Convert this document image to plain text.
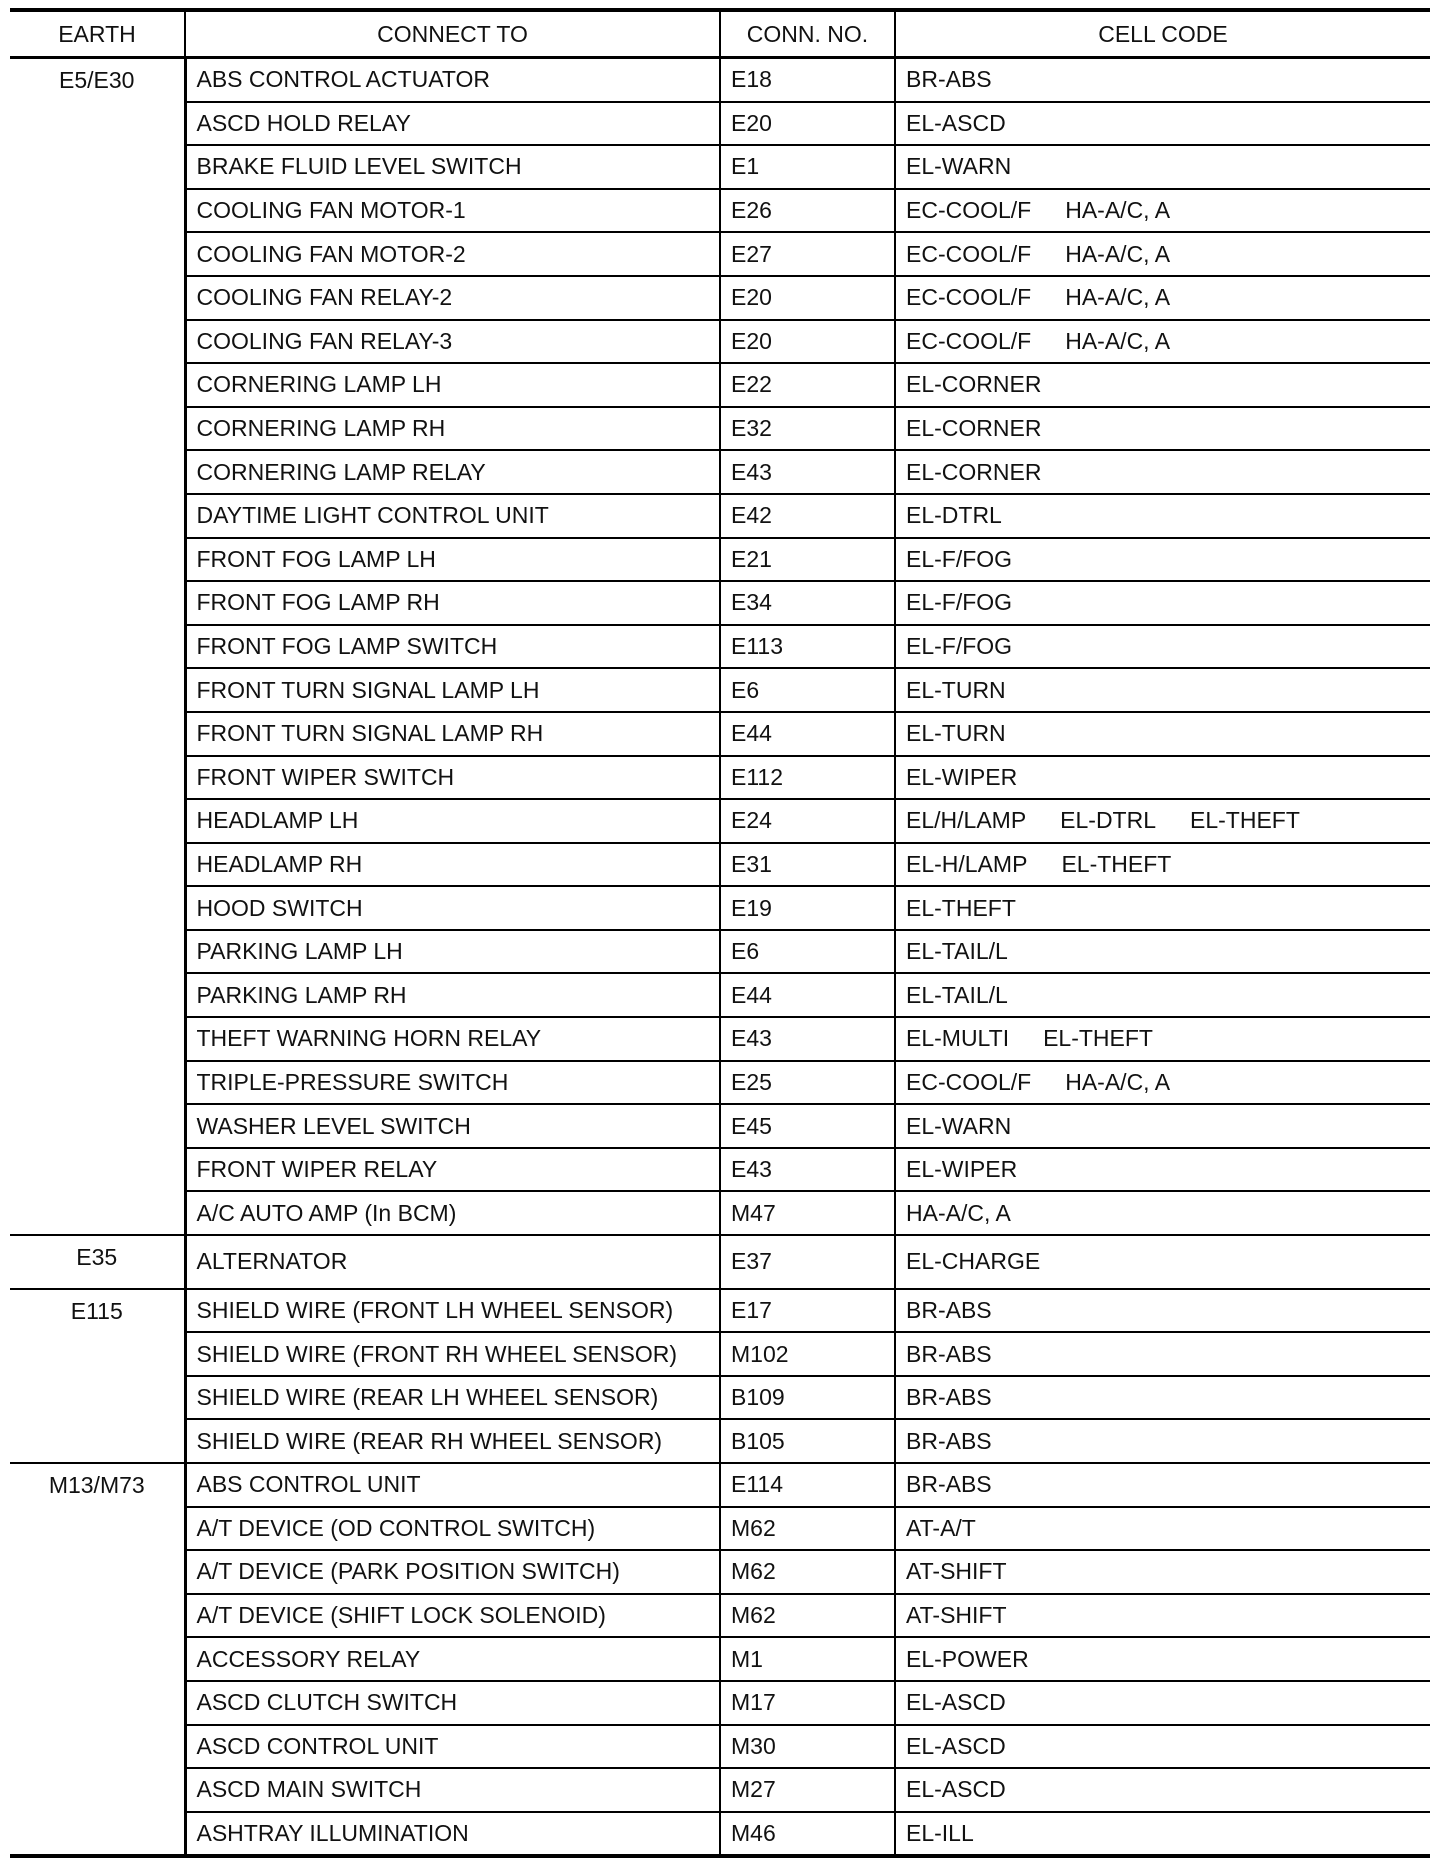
EARTH	CONNECT TO	CONN. NO.	CELL CODE
E5/E30	ABS CONTROL ACTUATOR	E18	BR-ABS
	ASCD HOLD RELAY	E20	EL-ASCD
	BRAKE FLUID LEVEL SWITCH	E1	EL-WARN
	COOLING FAN MOTOR-1	E26	EC-COOL/F HA-A/C, A
	COOLING FAN MOTOR-2	E27	EC-COOL/F HA-A/C, A
	COOLING FAN RELAY-2	E20	EC-COOL/F HA-A/C, A
	COOLING FAN RELAY-3	E20	EC-COOL/F HA-A/C, A
	CORNERING LAMP LH	E22	EL-CORNER
	CORNERING LAMP RH	E32	EL-CORNER
	CORNERING LAMP RELAY	E43	EL-CORNER
	DAYTIME LIGHT CONTROL UNIT	E42	EL-DTRL
	FRONT FOG LAMP LH	E21	EL-F/FOG
	FRONT FOG LAMP RH	E34	EL-F/FOG
	FRONT FOG LAMP SWITCH	E113	EL-F/FOG
	FRONT TURN SIGNAL LAMP LH	E6	EL-TURN
	FRONT TURN SIGNAL LAMP RH	E44	EL-TURN
	FRONT WIPER SWITCH	E112	EL-WIPER
	HEADLAMP LH	E24	EL/H/LAMP EL-DTRL EL-THEFT
	HEADLAMP RH	E31	EL-H/LAMP EL-THEFT
	HOOD SWITCH	E19	EL-THEFT
	PARKING LAMP LH	E6	EL-TAIL/L
	PARKING LAMP RH	E44	EL-TAIL/L
	THEFT WARNING HORN RELAY	E43	EL-MULTI EL-THEFT
	TRIPLE-PRESSURE SWITCH	E25	EC-COOL/F HA-A/C, A
	WASHER LEVEL SWITCH	E45	EL-WARN
	FRONT WIPER RELAY	E43	EL-WIPER
	A/C AUTO AMP (In BCM)	M47	HA-A/C, A
E35	ALTERNATOR	E37	EL-CHARGE
E115	SHIELD WIRE (FRONT LH WHEEL SENSOR)	E17	BR-ABS
	SHIELD WIRE (FRONT RH WHEEL SENSOR)	M102	BR-ABS
	SHIELD WIRE (REAR LH WHEEL SENSOR)	B109	BR-ABS
	SHIELD WIRE (REAR RH WHEEL SENSOR)	B105	BR-ABS
M13/M73	ABS CONTROL UNIT	E114	BR-ABS
	A/T DEVICE (OD CONTROL SWITCH)	M62	AT-A/T
	A/T DEVICE (PARK POSITION SWITCH)	M62	AT-SHIFT
	A/T DEVICE (SHIFT LOCK SOLENOID)	M62	AT-SHIFT
	ACCESSORY RELAY	M1	EL-POWER
	ASCD CLUTCH SWITCH	M17	EL-ASCD
	ASCD CONTROL UNIT	M30	EL-ASCD
	ASCD MAIN SWITCH	M27	EL-ASCD
	ASHTRAY ILLUMINATION	M46	EL-ILL
